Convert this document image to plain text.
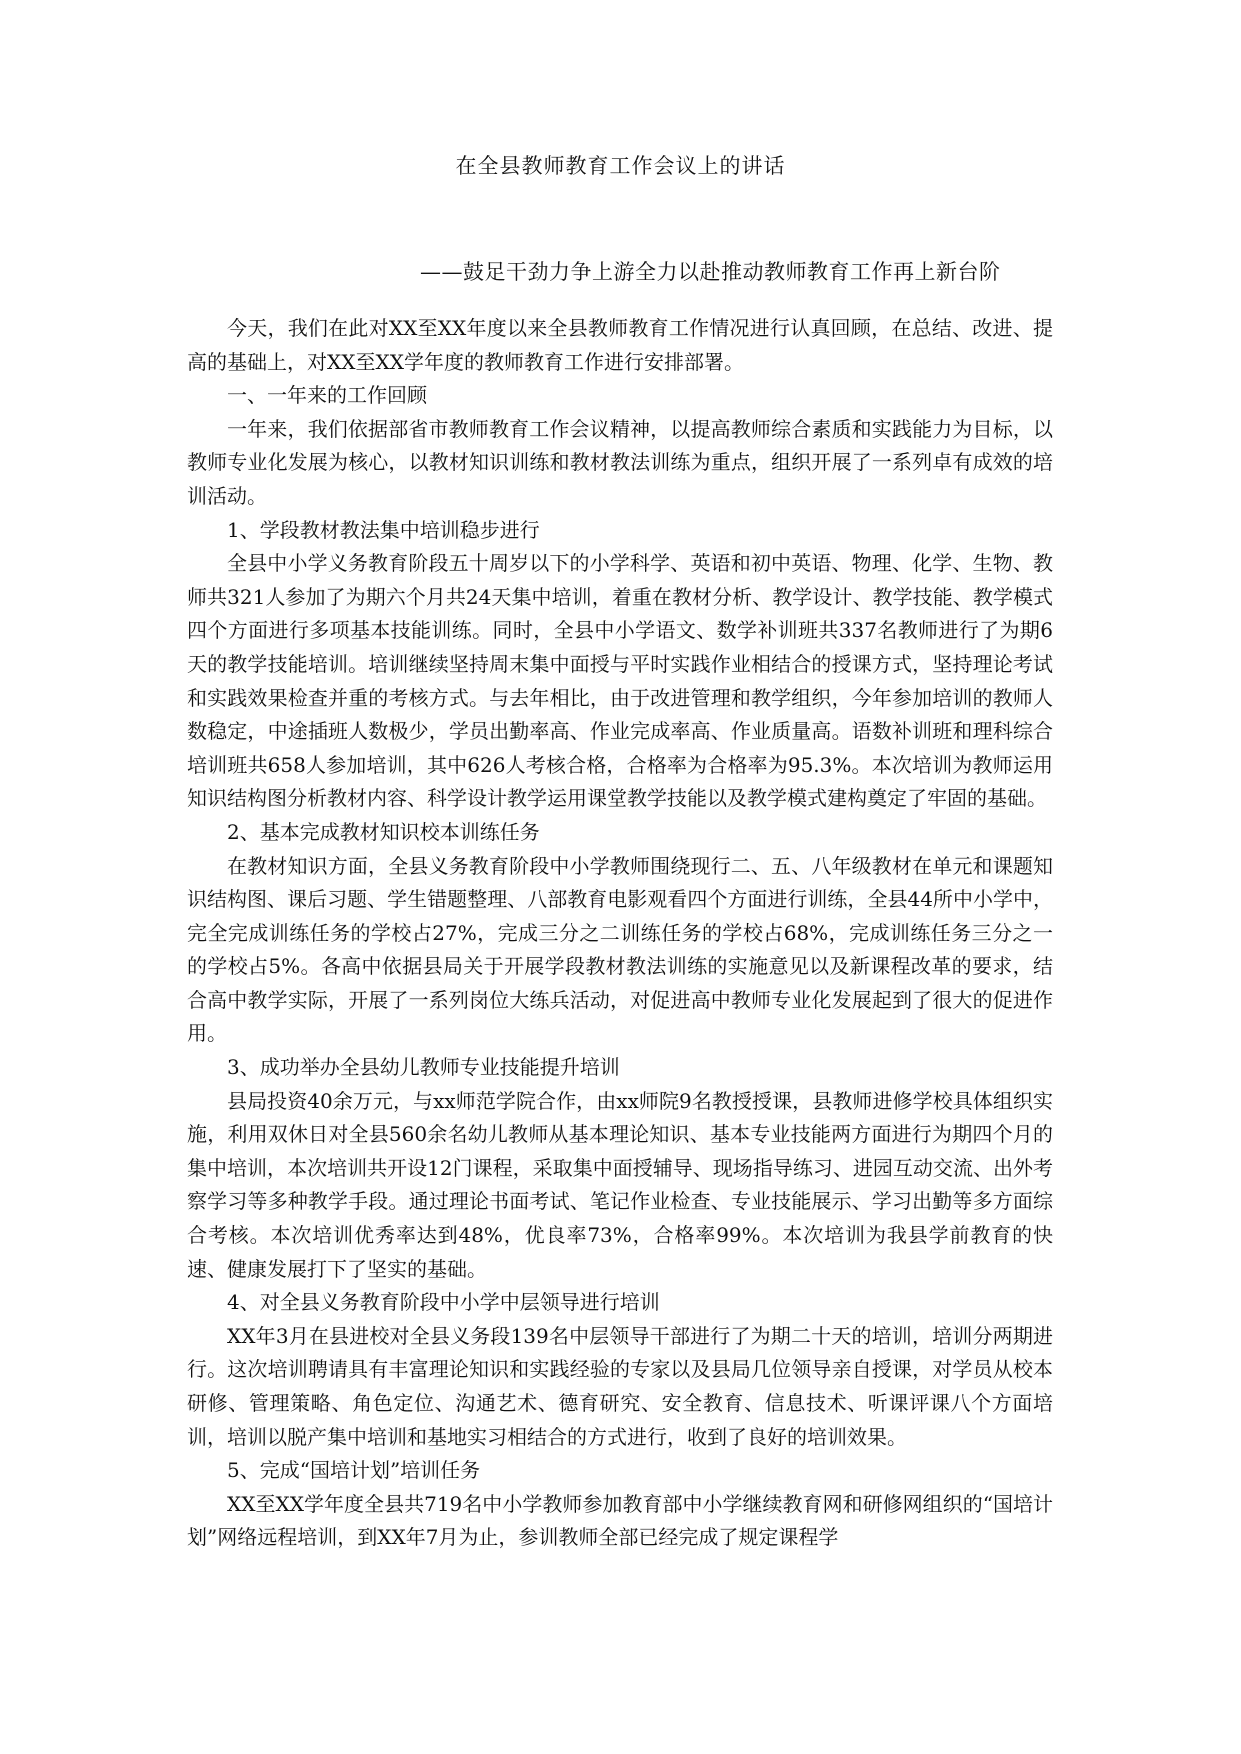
在全县教师教育工作会议上的讲话
——鼓足干劲力争上游全力以赴推动教师教育工作再上新台阶

今天，我们在此对XX至XX年度以来全县教师教育工作情况进行认真回顾，在总结、改进、提高的基础上，对XX至XX学年度的教师教育工作进行安排部署。

一、一年来的工作回顾

一年来，我们依据部省市教师教育工作会议精神，以提高教师综合素质和实践能力为目标，以教师专业化发展为核心，以教材知识训练和教材教法训练为重点，组织开展了一系列卓有成效的培训活动。

1、学段教材教法集中培训稳步进行

全县中小学义务教育阶段五十周岁以下的小学科学、英语和初中英语、物理、化学、生物、教师共321人参加了为期六个月共24天集中培训，着重在教材分析、教学设计、教学技能、教学模式四个方面进行多项基本技能训练。同时，全县中小学语文、数学补训班共337名教师进行了为期6天的教学技能培训。培训继续坚持周末集中面授与平时实践作业相结合的授课方式，坚持理论考试和实践效果检查并重的考核方式。与去年相比，由于改进管理和教学组织，今年参加培训的教师人数稳定，中途插班人数极少，学员出勤率高、作业完成率高、作业质量高。语数补训班和理科综合培训班共658人参加培训，其中626人考核合格，合格率为合格率为95.3%。本次培训为教师运用知识结构图分析教材内容、科学设计教学运用课堂教学技能以及教学模式建构奠定了牢固的基础。

2、基本完成教材知识校本训练任务

在教材知识方面，全县义务教育阶段中小学教师围绕现行二、五、八年级教材在单元和课题知识结构图、课后习题、学生错题整理、八部教育电影观看四个方面进行训练，全县44所中小学中，完全完成训练任务的学校占27%，完成三分之二训练任务的学校占68%，完成训练任务三分之一的学校占5%。各高中依据县局关于开展学段教材教法训练的实施意见以及新课程改革的要求，结合高中教学实际，开展了一系列岗位大练兵活动，对促进高中教师专业化发展起到了很大的促进作用。

3、成功举办全县幼儿教师专业技能提升培训

县局投资40余万元，与xx师范学院合作，由xx师院9名教授授课，县教师进修学校具体组织实施，利用双休日对全县560余名幼儿教师从基本理论知识、基本专业技能两方面进行为期四个月的集中培训，本次培训共开设12门课程，采取集中面授辅导、现场指导练习、进园互动交流、出外考察学习等多种教学手段。通过理论书面考试、笔记作业检查、专业技能展示、学习出勤等多方面综合考核。本次培训优秀率达到48%，优良率73%，合格率99%。本次培训为我县学前教育的快速、健康发展打下了坚实的基础。

4、对全县义务教育阶段中小学中层领导进行培训

XX年3月在县进校对全县义务段139名中层领导干部进行了为期二十天的培训，培训分两期进行。这次培训聘请具有丰富理论知识和实践经验的专家以及县局几位领导亲自授课，对学员从校本研修、管理策略、角色定位、沟通艺术、德育研究、安全教育、信息技术、听课评课八个方面培训，培训以脱产集中培训和基地实习相结合的方式进行，收到了良好的培训效果。

5、完成“国培计划”培训任务

XX至XX学年度全县共719名中小学教师参加教育部中小学继续教育网和研修网组织的“国培计划”网络远程培训，到XX年7月为止，参训教师全部已经完成了规定课程学
